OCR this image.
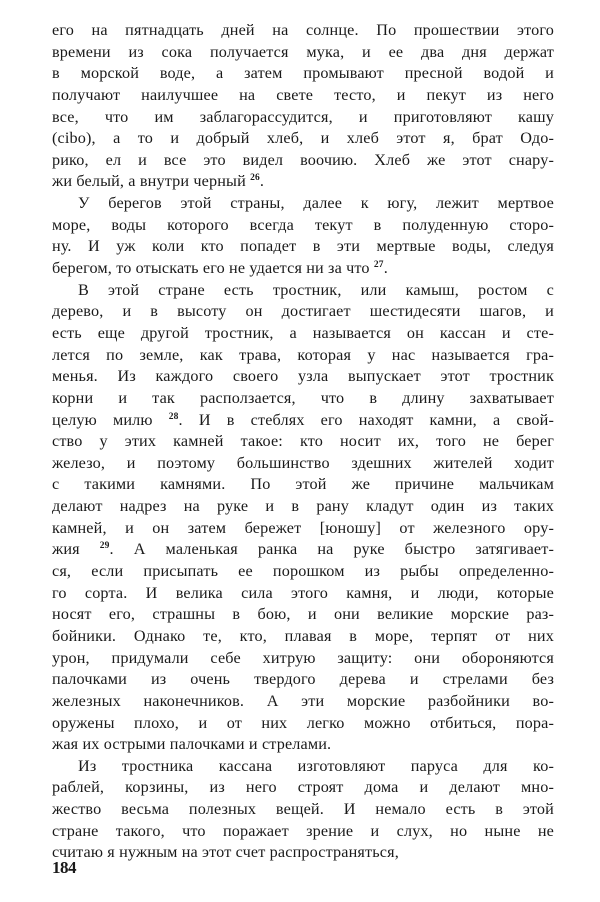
его на пятнадцать дней на солнце. По прошествии этого
времени из сока получается мука, и ее два дня держат
в морской воде, а затем промывают пресной водой и
получают наилучшее на свете тесто, и пекут из него
все, что им заблагорассудится, и приготовляют кашу
(cibo), а то и добрый хлеб, и хлеб этот я, брат Одо-
рико, ел и все это видел воочию. Хлеб же этот снару-
жи белый, а внутри черный $^{26}$.
У берегов этой страны, далее к югу, лежит мертвое
море, воды которого всегда текут в полуденную сторо-
ну. И уж коли кто попадет в эти мертвые воды, следуя
берегом, то отыскать его не удается ни за что $^{27}$.
В этой стране есть тростник, или камыш, ростом с
дерево, и в высоту он достигает шестидесяти шагов, и
есть еще другой тростник, а называется он кассан и сте-
лется по земле, как трава, которая у нас называется гра-
менья. Из каждого своего узла выпускает этот тростник
корни и так расползается, что в длину захватывает
целую милю $^{28}$. И в стеблях его находят камни, а свой-
ство у этих камней такое: кто носит их, того не берег
железо, и поэтому большинство здешних жителей ходит
с такими камнями. По этой же причине мальчикам
делают надрез на руке и в рану кладут один из таких
камней, и он затем бережет [юношу] от железного ору-
жия $^{29}$. А маленькая ранка на руке быстро затягивает-
ся, если присыпать ее порошком из рыбы определенно-
го сорта. И велика сила этого камня, и люди, которые
носят его, страшны в бою, и они великие морские раз-
бойники. Однако те, кто, плавая в море, терпят от них
урон, придумали себе хитрую защиту: они обороняются
палочками из очень твердого дерева и стрелами без
железных наконечников. А эти морские разбойники во-
оружены плохо, и от них легко можно отбиться, пора-
жая их острыми палочками и стрелами.
Из тростника кассана изготовляют паруса для ко-
раблей, корзины, из него строят дома и делают мно-
жество весьма полезных вещей. И немало есть в этой
стране такого, что поражает зрение и слух, но ныне не
считаю я нужным на этот счет распространяться,
184
